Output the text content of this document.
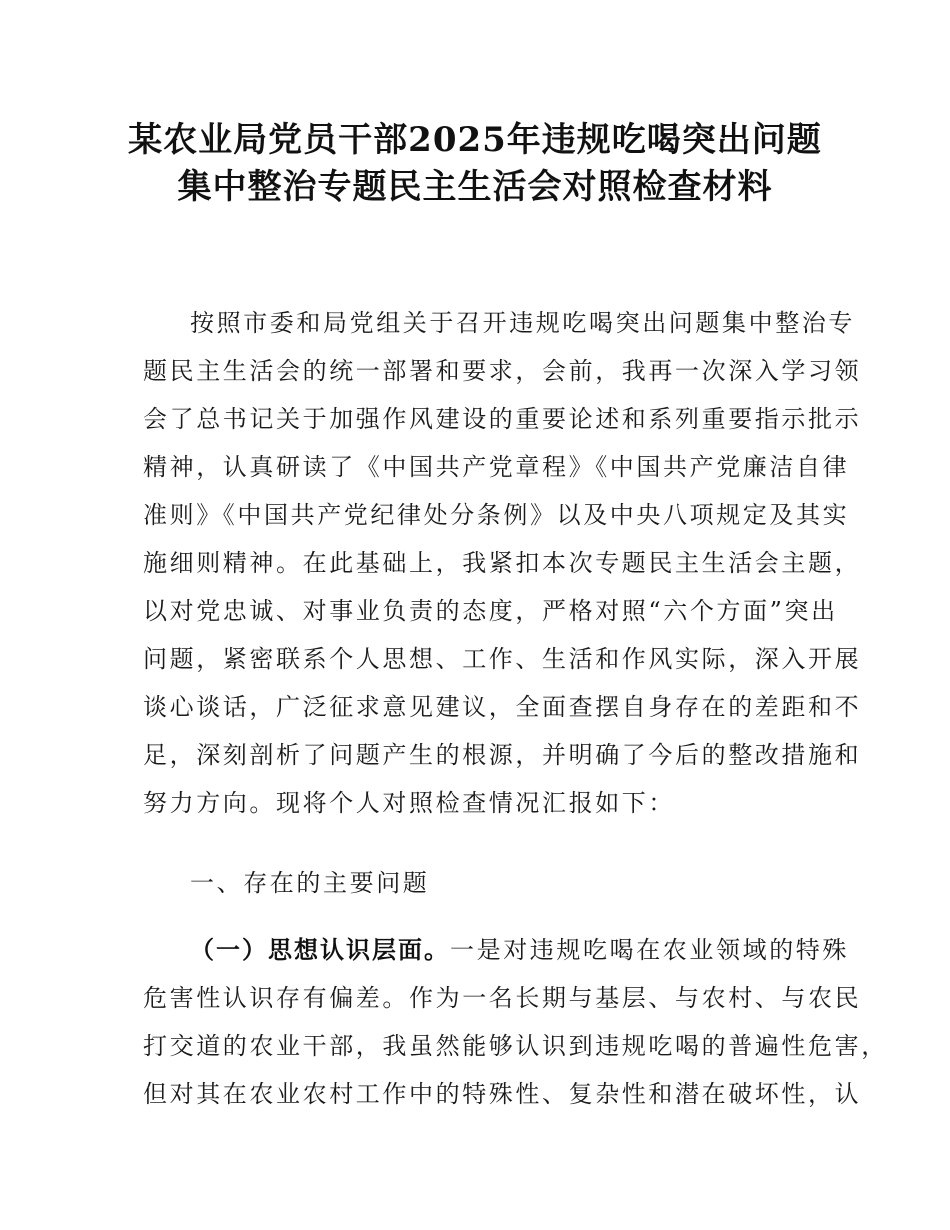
某农业局党员干部2025年违规吃喝突出问题
集中整治专题民主生活会对照检查材料
按照市委和局党组关于召开违规吃喝突出问题集中整治专
题民主生活会的统一部署和要求，会前，我再一次深入学习领
会了总书记关于加强作风建设的重要论述和系列重要指示批示
精神，认真研读了《中国共产党章程》《中国共产党廉洁自律
准则》《中国共产党纪律处分条例》以及中央八项规定及其实
施细则精神。在此基础上，我紧扣本次专题民主生活会主题，
以对党忠诚、对事业负责的态度，严格对照“六个方面”突出
问题，紧密联系个人思想、工作、生活和作风实际，深入开展
谈心谈话，广泛征求意见建议，全面查摆自身存在的差距和不
足，深刻剖析了问题产生的根源，并明确了今后的整改措施和
努力方向。现将个人对照检查情况汇报如下：
一、存在的主要问题
（一）思想认识层面。一是对违规吃喝在农业领域的特殊
危害性认识存有偏差。作为一名长期与基层、与农村、与农民
打交道的农业干部，我虽然能够认识到违规吃喝的普遍性危害，
但对其在农业农村工作中的特殊性、复杂性和潜在破坏性，认
